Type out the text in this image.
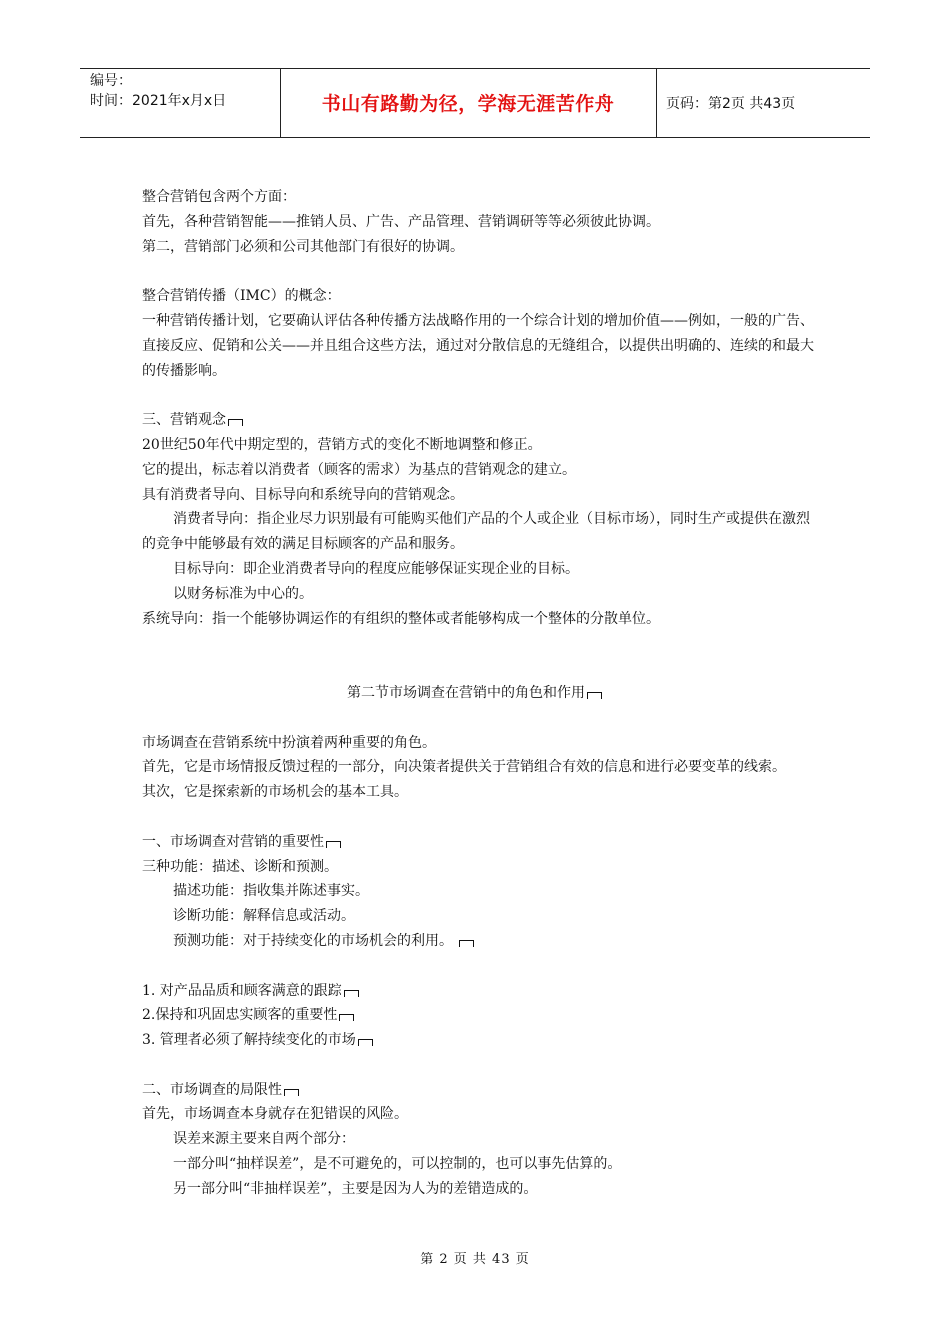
编号：
时间：2021年x月x日	书山有路勤为径，学海无涯苦作舟	页码：第2页 共43页

整合营销包含两个方面：

首先，各种营销智能——推销人员、广告、产品管理、营销调研等等必须彼此协调。

第二，营销部门必须和公司其他部门有很好的协调。

整合营销传播（IMC）的概念：

一种营销传播计划，它要确认评估各种传播方法战略作用的一个综合计划的增加价值——例如，一般的广告、直接反应、促销和公关——并且组合这些方法，通过对分散信息的无缝组合，以提供出明确的、连续的和最大的传播影响。

三、营销观念

20世纪50年代中期定型的，营销方式的变化不断地调整和修正。

它的提出，标志着以消费者（顾客的需求）为基点的营销观念的建立。

具有消费者导向、目标导向和系统导向的营销观念。

消费者导向：指企业尽力识别最有可能购买他们产品的个人或企业（目标市场），同时生产或提供在激烈的竞争中能够最有效的满足目标顾客的产品和服务。

目标导向：即企业消费者导向的程度应能够保证实现企业的目标。

以财务标准为中心的。

系统导向：指一个能够协调运作的有组织的整体或者能够构成一个整体的分散单位。

第二节市场调查在营销中的角色和作用

市场调查在营销系统中扮演着两种重要的角色。

首先，它是市场情报反馈过程的一部分，向决策者提供关于营销组合有效的信息和进行必要变革的线索。

其次，它是探索新的市场机会的基本工具。

一、市场调查对营销的重要性

三种功能：描述、诊断和预测。

描述功能：指收集并陈述事实。

诊断功能：解释信息或活动。

预测功能：对于持续变化的市场机会的利用。

1. 对产品品质和顾客满意的跟踪

2.保持和巩固忠实顾客的重要性

3. 管理者必须了解持续变化的市场

二、市场调查的局限性

首先，市场调查本身就存在犯错误的风险。

误差来源主要来自两个部分：

一部分叫“抽样误差”，是不可避免的，可以控制的，也可以事先估算的。

另一部分叫“非抽样误差”，主要是因为人为的差错造成的。

第 2 页 共 43 页
